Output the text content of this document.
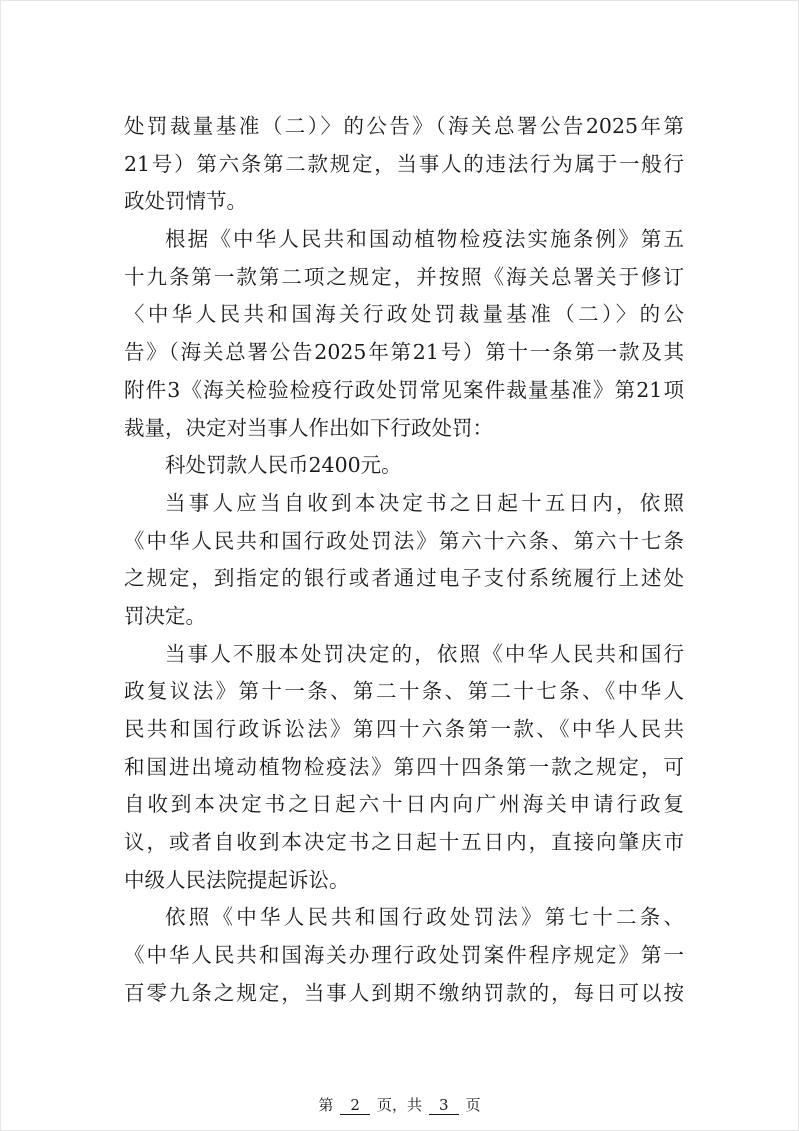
处罚裁量基准（二）〉的公告》（海关总署公告2025年第
21号）第六条第二款规定，当事人的违法行为属于一般行
政处罚情节。
根据《中华人民共和国动植物检疫法实施条例》第五
十九条第一款第二项之规定，并按照《海关总署关于修订
〈中华人民共和国海关行政处罚裁量基准（二）〉的公
告》（海关总署公告2025年第21号）第十一条第一款及其
附件3《海关检验检疫行政处罚常见案件裁量基准》第21项
裁量，决定对当事人作出如下行政处罚：
科处罚款人民币2400元。
当事人应当自收到本决定书之日起十五日内，依照
《中华人民共和国行政处罚法》第六十六条、第六十七条
之规定，到指定的银行或者通过电子支付系统履行上述处
罚决定。
当事人不服本处罚决定的，依照《中华人民共和国行
政复议法》第十一条、第二十条、第二十七条、《中华人
民共和国行政诉讼法》第四十六条第一款、《中华人民共
和国进出境动植物检疫法》第四十四条第一款之规定，可
自收到本决定书之日起六十日内向广州海关申请行政复
议，或者自收到本决定书之日起十五日内，直接向肇庆市
中级人民法院提起诉讼。
依照《中华人民共和国行政处罚法》第七十二条、
《中华人民共和国海关办理行政处罚案件程序规定》第一
百零九条之规定，当事人到期不缴纳罚款的，每日可以按
第 2 页，共 3 页
